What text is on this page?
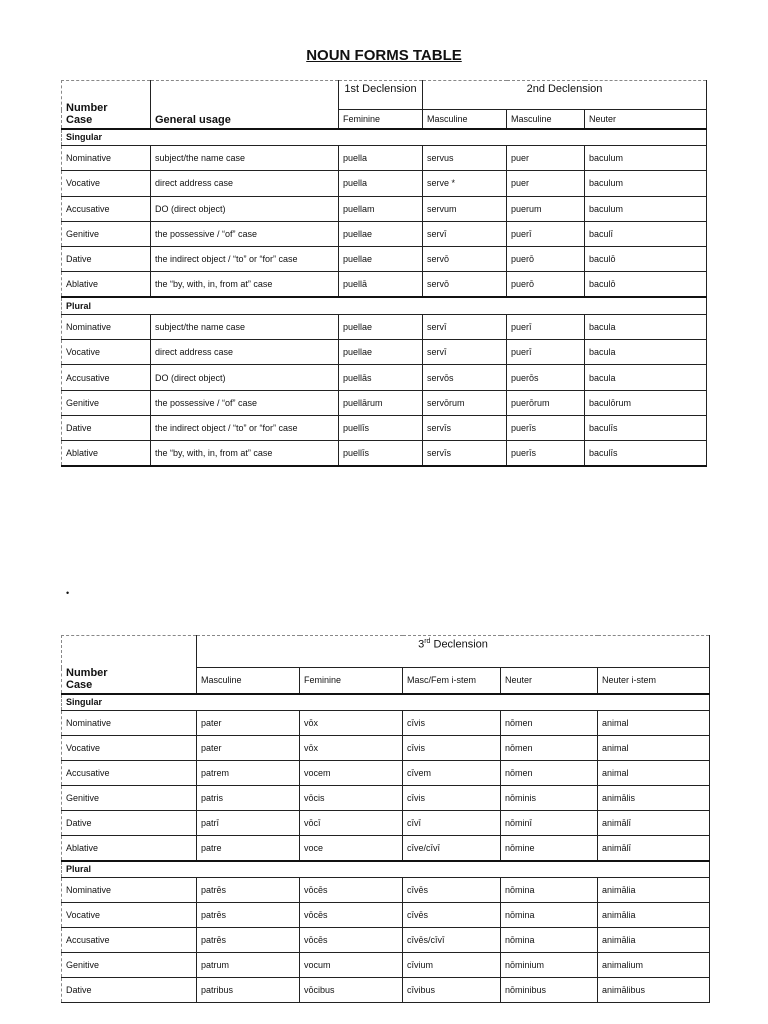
NOUN FORMS TABLE
Number
Case	General usage	1st Declension	2nd Declension		
		Feminine	Masculine	Masculine	Neuter
Singular					
Nominative	subject/the name case	puella	servus	puer	baculum
Vocative	direct address case	puella	serve *	puer	baculum
Accusative	DO (direct object)	puellam	servum	puerum	baculum
Genitive	the possessive / “of” case	puellae	servī	puerī	baculī
Dative	the indirect object / “to” or “for” case	puellae	servō	puerō	baculō
Ablative	the “by, with, in, from at” case	puellā	servō	puerō	baculō
Plural					
Nominative	subject/the name case	puellae	servī	puerī	bacula
Vocative	direct address case	puellae	servī	puerī	bacula
Accusative	DO (direct object)	puellās	servōs	puerōs	bacula
Genitive	the possessive / “of” case	puellārum	servōrum	puerōrum	baculōrum
Dative	the indirect object / “to” or “for” case	puellīs	servīs	puerīs	baculīs
Ablative	the “by, with, in, from at” case	puellīs	servīs	puerīs	baculīs
•
Number
Case	3rd Declension				
	Masculine	Feminine	Masc/Fem i-stem	Neuter	Neuter i-stem
Singular					
Nominative	pater	vōx	cīvis	nōmen	animal
Vocative	pater	vōx	cīvis	nōmen	animal
Accusative	patrem	vocem	cīvem	nōmen	animal
Genitive	patris	vōcis	cīvis	nōminis	animālis
Dative	patrī	vōcī	cīvī	nōminī	animālī
Ablative	patre	voce	cīve/cīvī	nōmine	animālī
Plural					
Nominative	patrēs	vōcēs	cīvēs	nōmina	animālia
Vocative	patrēs	vōcēs	cīvēs	nōmina	animālia
Accusative	patrēs	vōcēs	cīvēs/cīvī	nōmina	animālia
Genitive	patrum	vocum	cīvium	nōminium	animalium
Dative	patribus	vōcibus	cīvibus	nōminibus	animālibus
